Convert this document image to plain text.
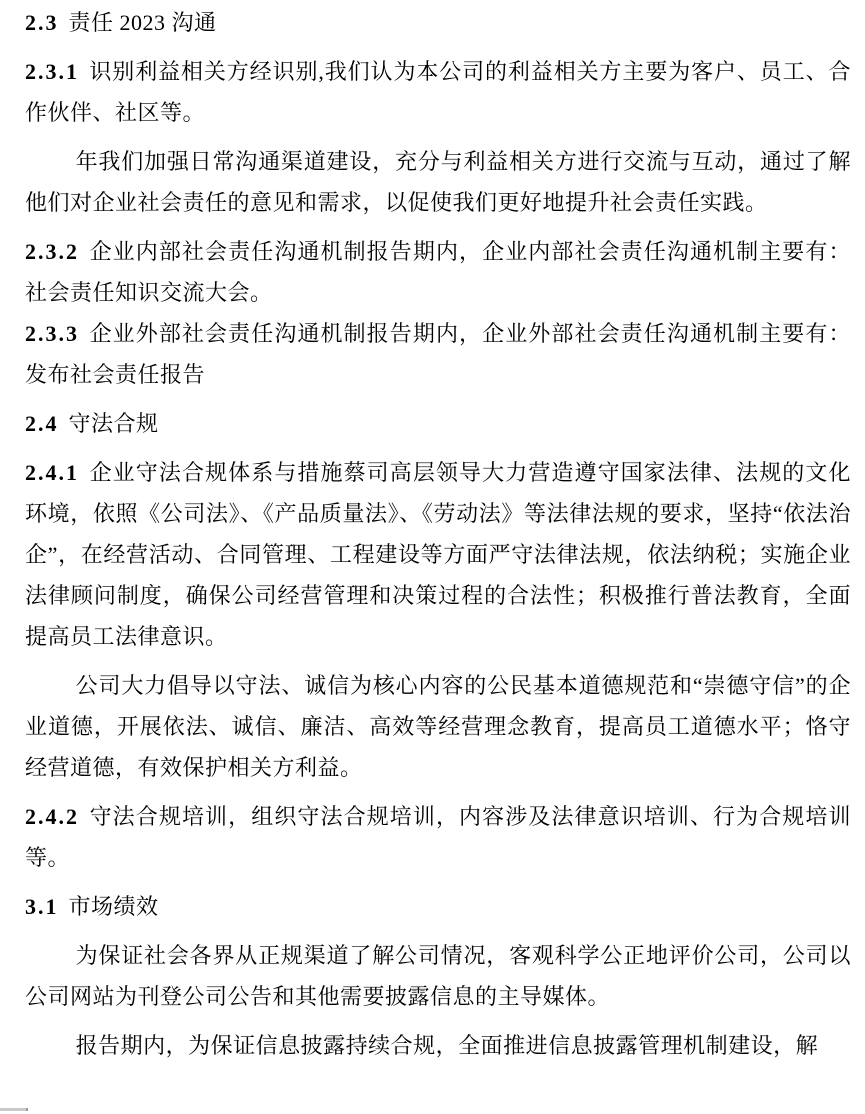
2.3 责任 2023 沟通

2.3.1 识别利益相关方经识别,我们认为本公司的利益相关方主要为客户、员工、合作伙伴、社区等。

年我们加强日常沟通渠道建设，充分与利益相关方进行交流与互动，通过了解他们对企业社会责任的意见和需求，以促使我们更好地提升社会责任实践。

2.3.2 企业内部社会责任沟通机制报告期内，企业内部社会责任沟通机制主要有：社会责任知识交流大会。

2.3.3 企业外部社会责任沟通机制报告期内，企业外部社会责任沟通机制主要有：发布社会责任报告

2.4 守法合规

2.4.1 企业守法合规体系与措施蔡司高层领导大力营造遵守国家法律、法规的文化环境，依照《公司法》、《产品质量法》、《劳动法》等法律法规的要求，坚持“依法治企”，在经营活动、合同管理、工程建设等方面严守法律法规，依法纳税；实施企业法律顾问制度，确保公司经营管理和决策过程的合法性；积极推行普法教育，全面提高员工法律意识。

公司大力倡导以守法、诚信为核心内容的公民基本道德规范和“崇德守信”的企业道德，开展依法、诚信、廉洁、高效等经营理念教育，提高员工道德水平；恪守经营道德，有效保护相关方利益。

2.4.2 守法合规培训，组织守法合规培训，内容涉及法律意识培训、行为合规培训等。

3.1 市场绩效

为保证社会各界从正规渠道了解公司情况，客观科学公正地评价公司，公司以公司网站为刊登公司公告和其他需要披露信息的主导媒体。

报告期内，为保证信息披露持续合规，全面推进信息披露管理机制建设，解
